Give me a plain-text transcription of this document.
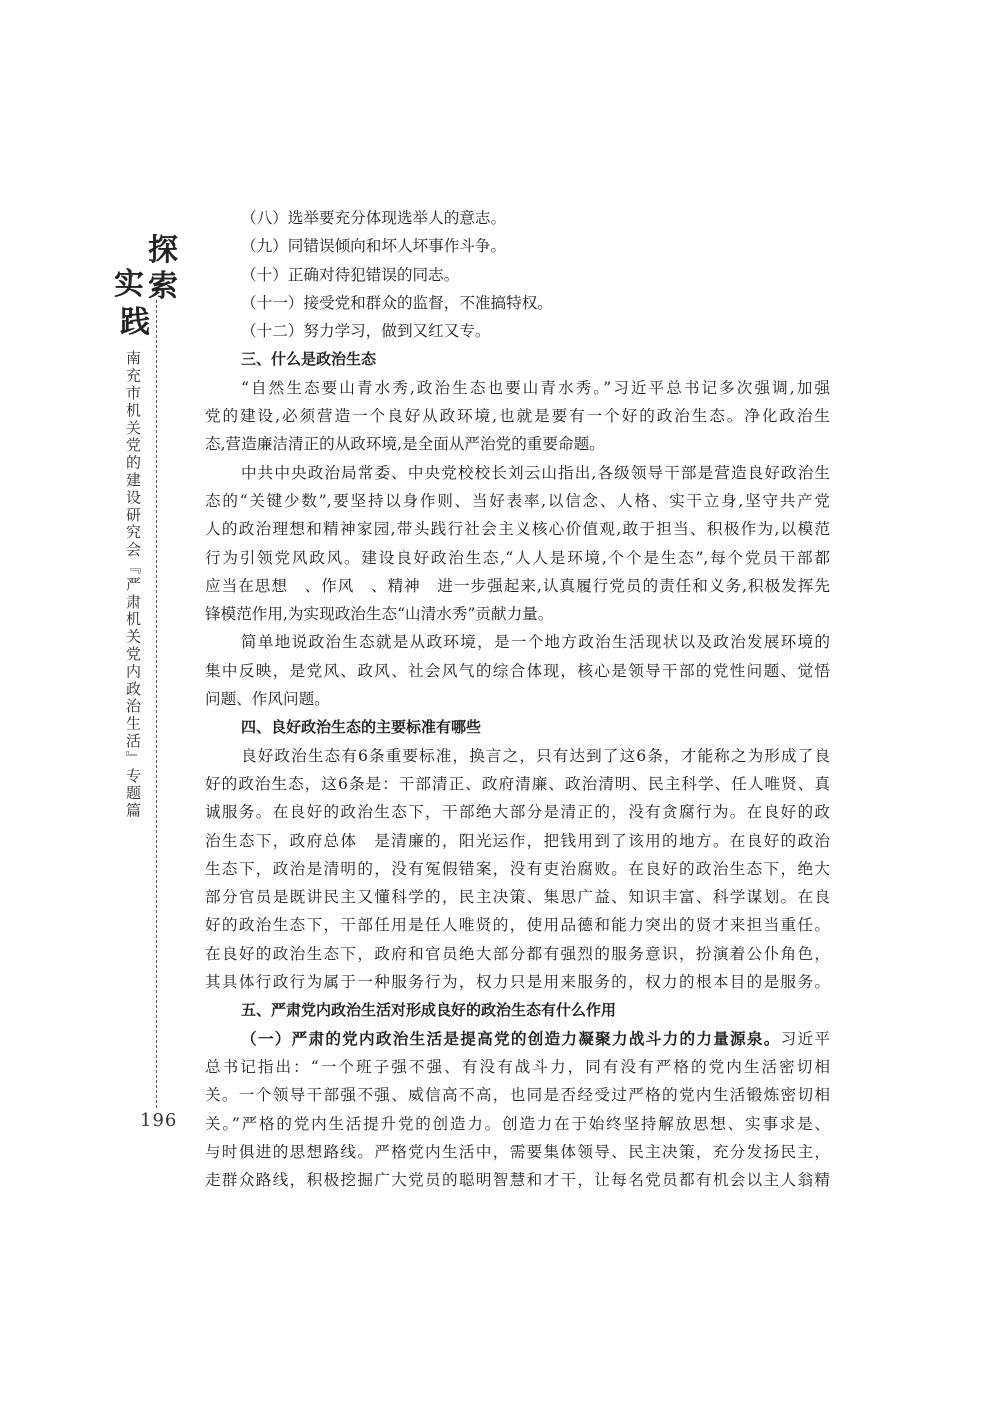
探
索
实
践
南充市机关党的建设研究会『严肃机关党内政治生活』专题篇
196
（八）选举要充分体现选举人的意志。
（九）同错误倾向和坏人坏事作斗争。
（十）正确对待犯错误的同志。
（十一）接受党和群众的监督，不准搞特权。
（十二）努力学习，做到又红又专。
三、什么是政治生态
“自然生态要山青水秀,政治生态也要山青水秀。”习近平总书记多次强调,加强
党的建设,必须营造一个良好从政环境,也就是要有一个好的政治生态。净化政治生
态,营造廉洁清正的从政环境,是全面从严治党的重要命题。
中共中央政治局常委、中央党校校长刘云山指出,各级领导干部是营造良好政治生
态的“关键少数”,要坚持以身作则、当好表率,以信念、人格、实干立身,坚守共产党
人的政治理想和精神家园,带头践行社会主义核心价值观,敢于担当、积极作为,以模范
行为引领党风政风。建设良好政治生态,“人人是环境,个个是生态”,每个党员干部都
应当在思想　、作风　、精神　进一步强起来,认真履行党员的责任和义务,积极发挥先
锋模范作用,为实现政治生态“山清水秀”贡献力量。
简单地说政治生态就是从政环境，是一个地方政治生活现状以及政治发展环境的
集中反映，是党风、政风、社会风气的综合体现，核心是领导干部的党性问题、觉悟
问题、作风问题。
四、良好政治生态的主要标准有哪些
良好政治生态有6条重要标准，换言之，只有达到了这6条，才能称之为形成了良
好的政治生态，这6条是：干部清正、政府清廉、政治清明、民主科学、任人唯贤、真
诚服务。在良好的政治生态下，干部绝大部分是清正的，没有贪腐行为。在良好的政
治生态下，政府总体　是清廉的，阳光运作，把钱用到了该用的地方。在良好的政治
生态下，政治是清明的，没有冤假错案，没有吏治腐败。在良好的政治生态下，绝大
部分官员是既讲民主又懂科学的，民主决策、集思广益、知识丰富、科学谋划。在良
好的政治生态下，干部任用是任人唯贤的，使用品德和能力突出的贤才来担当重任。
在良好的政治生态下，政府和官员绝大部分都有强烈的服务意识，扮演着公仆角色，
其具体行政行为属于一种服务行为，权力只是用来服务的，权力的根本目的是服务。
五、严肃党内政治生活对形成良好的政治生态有什么作用
（一）严肃的党内政治生活是提高党的创造力凝聚力战斗力的力量源泉。习近平
总书记指出：“一个班子强不强、有没有战斗力，同有没有严格的党内生活密切相
关。一个领导干部强不强、威信高不高，也同是否经受过严格的党内生活锻炼密切相
关。”严格的党内生活提升党的创造力。创造力在于始终坚持解放思想、实事求是、
与时俱进的思想路线。严格党内生活中，需要集体领导、民主决策，充分发扬民主，
走群众路线，积极挖掘广大党员的聪明智慧和才干，让每名党员都有机会以主人翁精
